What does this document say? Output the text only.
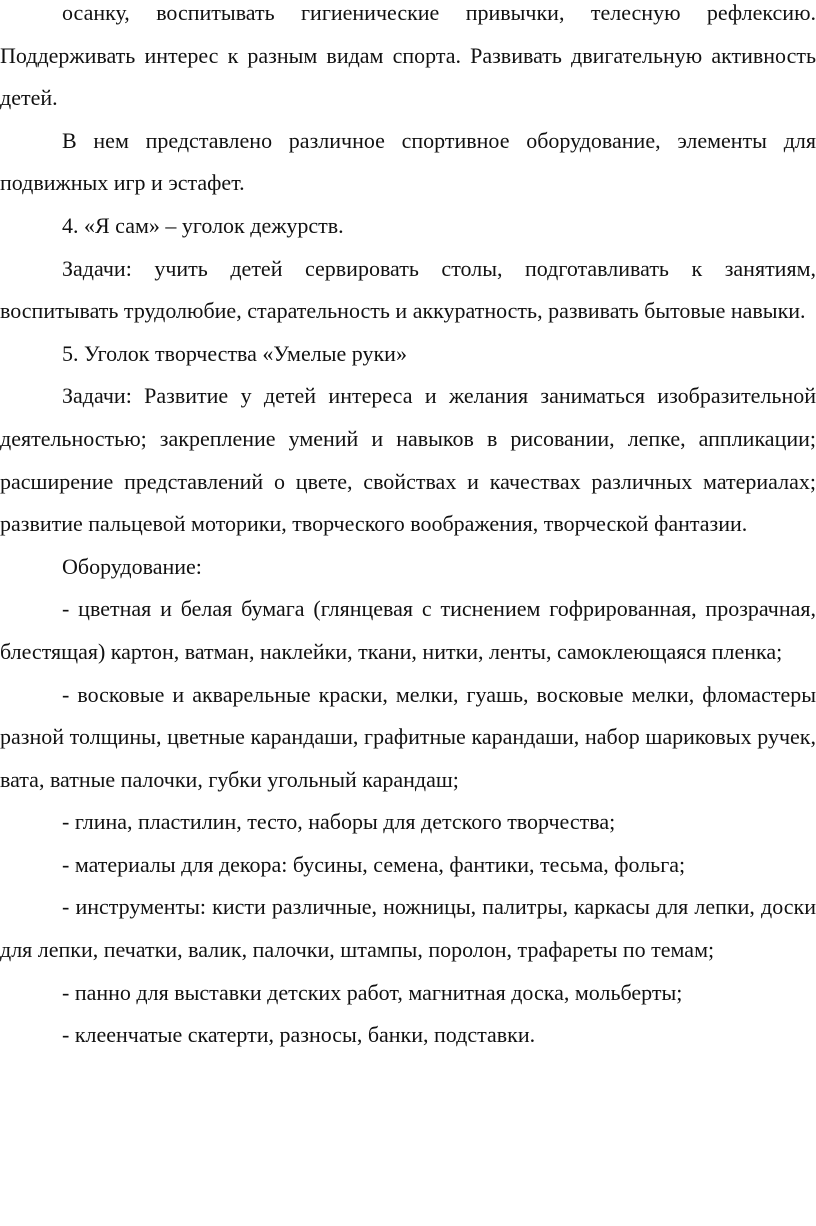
осанку, воспитывать гигиенические привычки, телесную рефлексию. Поддерживать интерес к разным видам спорта. Развивать двигательную активность детей.

В нем представлено различное спортивное оборудование, элементы для подвижных игр и эстафет.

4. «Я сам» – уголок дежурств.

Задачи: учить детей сервировать столы, подготавливать к занятиям, воспитывать трудолюбие, старательность и аккуратность, развивать бытовые навыки.

5. Уголок творчества «Умелые руки»

Задачи: Развитие у детей интереса и желания заниматься изобразительной деятельностью; закрепление умений и навыков в рисовании, лепке, аппликации; расширение представлений о цвете, свойствах и качествах различных материалах; развитие пальцевой моторики, творческого воображения, творческой фантазии.

Оборудование:

- цветная и белая бумага (глянцевая с тиснением гофрированная, прозрачная, блестящая) картон, ватман, наклейки, ткани, нитки, ленты, самоклеющаяся пленка;

- восковые и акварельные краски, мелки, гуашь, восковые мелки, фломастеры разной толщины, цветные карандаши, графитные карандаши, набор шариковых ручек, вата, ватные палочки, губки угольный карандаш;

- глина, пластилин, тесто, наборы для детского творчества;

- материалы для декора: бусины, семена, фантики, тесьма, фольга;

- инструменты: кисти различные, ножницы, палитры, каркасы для лепки, доски для лепки, печатки, валик, палочки, штампы, поролон, трафареты по темам;

- панно для выставки детских работ, магнитная доска, мольберты;

- клеенчатые скатерти, разносы, банки, подставки.
